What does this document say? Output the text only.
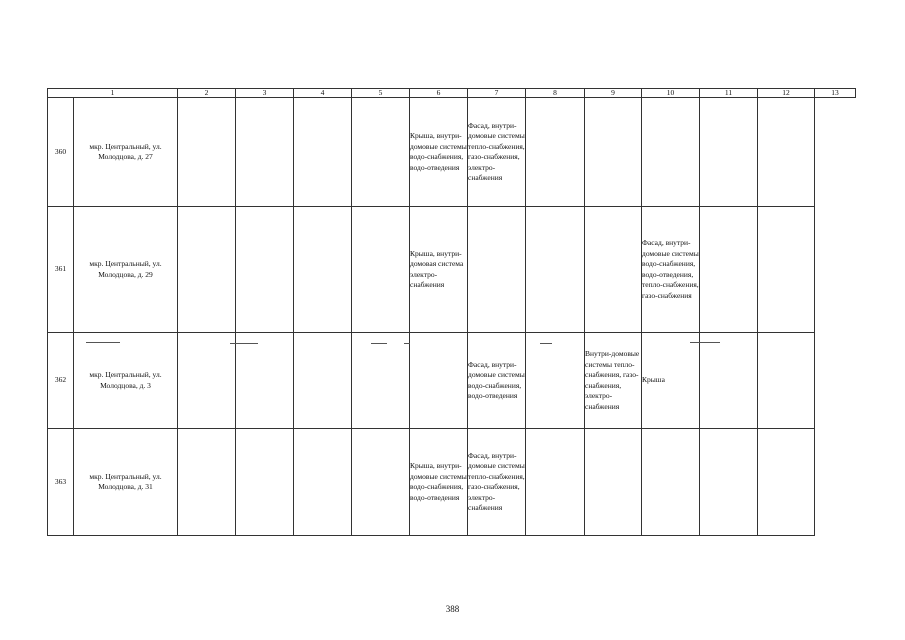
1		2	3	4	5	6	7	8	9	10	11	12	13
360	мкр. Центральный, ул. Молодцова, д. 27					Крыша, внутри-домовые системы водо-снабжения, водо-отведения	Фасад, внутри-домовые системы тепло-снабжения, газо-снабжения, электро-снабжения						
361	мкр. Центральный, ул. Молодцова, д. 29					Крыша, внутри-домовая система электро-снабжения				Фасад, внутри-домовые системы водо-снабжения, водо-отведения, тепло-снабжения, газо-снабжения			
362	мкр. Центральный, ул. Молодцова, д. 3						Фасад, внутри-домовые системы водо-снабжения, водо-отведения		Внутри-домовые системы тепло-снабжения, газо-снабжения, электро-снабжения	Крыша			
363	мкр. Центральный, ул. Молодцова, д. 31					Крыша, внутри-домовые системы водо-снабжения, водо-отведения	Фасад, внутри-домовые системы тепло-снабжения, газо-снабжения, электро-снабжения						
388
